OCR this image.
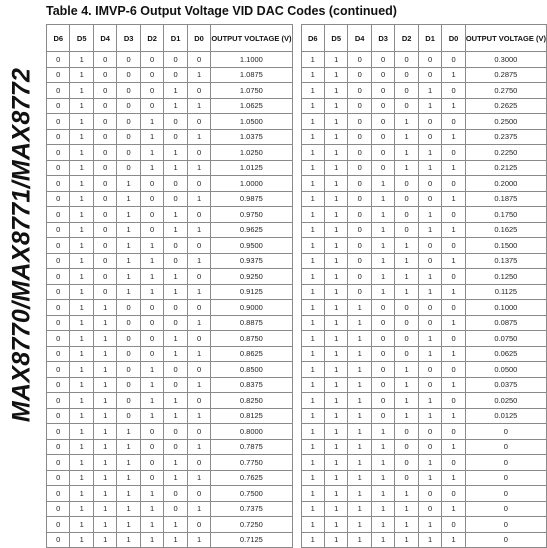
MAX8770/MAX8771/MAX8772
Table 4. IMVP-6 Output Voltage VID DAC Codes (continued)
D6	D5	D4	D3	D2	D1	D0	OUTPUT VOLTAGE (V)
0	1	0	0	0	0	0	1.1000
0	1	0	0	0	0	1	1.0875
0	1	0	0	0	1	0	1.0750
0	1	0	0	0	1	1	1.0625
0	1	0	0	1	0	0	1.0500
0	1	0	0	1	0	1	1.0375
0	1	0	0	1	1	0	1.0250
0	1	0	0	1	1	1	1.0125
0	1	0	1	0	0	0	1.0000
0	1	0	1	0	0	1	0.9875
0	1	0	1	0	1	0	0.9750
0	1	0	1	0	1	1	0.9625
0	1	0	1	1	0	0	0.9500
0	1	0	1	1	0	1	0.9375
0	1	0	1	1	1	0	0.9250
0	1	0	1	1	1	1	0.9125
0	1	1	0	0	0	0	0.9000
0	1	1	0	0	0	1	0.8875
0	1	1	0	0	1	0	0.8750
0	1	1	0	0	1	1	0.8625
0	1	1	0	1	0	0	0.8500
0	1	1	0	1	0	1	0.8375
0	1	1	0	1	1	0	0.8250
0	1	1	0	1	1	1	0.8125
0	1	1	1	0	0	0	0.8000
0	1	1	1	0	0	1	0.7875
0	1	1	1	0	1	0	0.7750
0	1	1	1	0	1	1	0.7625
0	1	1	1	1	0	0	0.7500
0	1	1	1	1	0	1	0.7375
0	1	1	1	1	1	0	0.7250
0	1	1	1	1	1	1	0.7125
D6	D5	D4	D3	D2	D1	D0	OUTPUT VOLTAGE (V)
1	1	0	0	0	0	0	0.3000
1	1	0	0	0	0	1	0.2875
1	1	0	0	0	1	0	0.2750
1	1	0	0	0	1	1	0.2625
1	1	0	0	1	0	0	0.2500
1	1	0	0	1	0	1	0.2375
1	1	0	0	1	1	0	0.2250
1	1	0	0	1	1	1	0.2125
1	1	0	1	0	0	0	0.2000
1	1	0	1	0	0	1	0.1875
1	1	0	1	0	1	0	0.1750
1	1	0	1	0	1	1	0.1625
1	1	0	1	1	0	0	0.1500
1	1	0	1	1	0	1	0.1375
1	1	0	1	1	1	0	0.1250
1	1	0	1	1	1	1	0.1125
1	1	1	0	0	0	0	0.1000
1	1	1	0	0	0	1	0.0875
1	1	1	0	0	1	0	0.0750
1	1	1	0	0	1	1	0.0625
1	1	1	0	1	0	0	0.0500
1	1	1	0	1	0	1	0.0375
1	1	1	0	1	1	0	0.0250
1	1	1	0	1	1	1	0.0125
1	1	1	1	0	0	0	0
1	1	1	1	0	0	1	0
1	1	1	1	0	1	0	0
1	1	1	1	0	1	1	0
1	1	1	1	1	0	0	0
1	1	1	1	1	0	1	0
1	1	1	1	1	1	0	0
1	1	1	1	1	1	1	0
